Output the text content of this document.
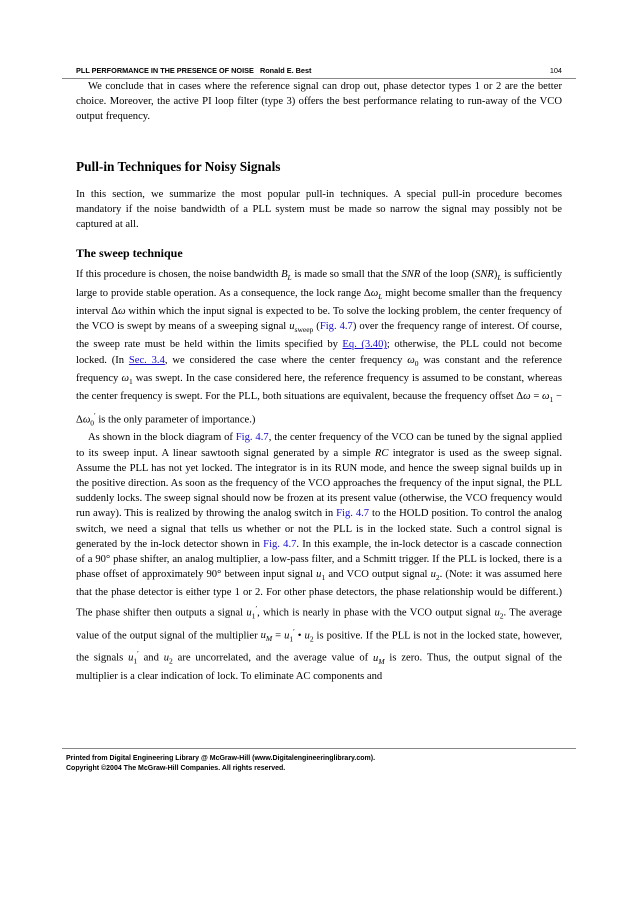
PLL PERFORMANCE IN THE PRESENCE OF NOISE Ronald E. Best	104

We conclude that in cases where the reference signal can drop out, phase detector types 1 or 2 are the better choice. Moreover, the active PI loop filter (type 3) offers the best performance relating to run-away of the VCO output frequency.

Pull-in Techniques for Noisy Signals

In this section, we summarize the most popular pull-in techniques. A special pull-in procedure becomes mandatory if the noise bandwidth of a PLL system must be made so narrow the signal may possibly not be captured at all.

The sweep technique

If this procedure is chosen, the noise bandwidth $B_L$ is made so small that the SNR of the loop $(SNR)_L$ is sufficiently large to provide stable operation. As a consequence, the lock range $\Delta\omega_L$ might become smaller than the frequency interval Δω within which the input signal is expected to be. To solve the locking problem, the center frequency of the VCO is swept by means of a sweeping signal $u_{sweep}$ (Fig. 4.7) over the frequency range of interest. Of course, the sweep rate must be held within the limits specified by Eq. (3.40); otherwise, the PLL could not become locked. (In Sec. 3.4, we considered the case where the center frequency $\omega_0$ was constant and the reference frequency $\omega_1$ was swept. In the case considered here, the reference frequency is assumed to be constant, whereas the center frequency is swept. For the PLL, both situations are equivalent, because the frequency offset $\Delta\omega = \omega_1 - \Delta\omega_0'$ is the only parameter of importance.)

As shown in the block diagram of Fig. 4.7, the center frequency of the VCO can be tuned by the signal applied to its sweep input. A linear sawtooth signal generated by a simple RC integrator is used as the sweep signal. Assume the PLL has not yet locked. The integrator is in its RUN mode, and hence the sweep signal builds up in the positive direction. As soon as the frequency of the VCO approaches the frequency of the input signal, the PLL suddenly locks. The sweep signal should now be frozen at its present value (otherwise, the VCO frequency would run away). This is realized by throwing the analog switch in Fig. 4.7 to the HOLD position. To control the analog switch, we need a signal that tells us whether or not the PLL is in the locked state. Such a control signal is generated by the in-lock detector shown in Fig. 4.7. In this example, the in-lock detector is a cascade connection of a 90° phase shifter, an analog multiplier, a low-pass filter, and a Schmitt trigger. If the PLL is locked, there is a phase offset of approximately 90° between input signal $u_1$ and VCO output signal $u_2$. (Note: it was assumed here that the phase detector is either type 1 or 2. For other phase detectors, the phase relationship would be different.) The phase shifter then outputs a signal $u_1'$, which is nearly in phase with the VCO output signal $u_2$. The average value of the output signal of the multiplier $u_M = u_1'$ • $u_2$ is positive. If the PLL is not in the locked state, however, the signals $u_1'$ and $u_2$ are uncorrelated, and the average value of $u_M$ is zero. Thus, the output signal of the multiplier is a clear indication of lock. To eliminate AC components and

Printed from Digital Engineering Library @ McGraw-Hill (www.Digitalengineeringlibrary.com).
Copyright ©2004 The McGraw-Hill Companies. All rights reserved.
